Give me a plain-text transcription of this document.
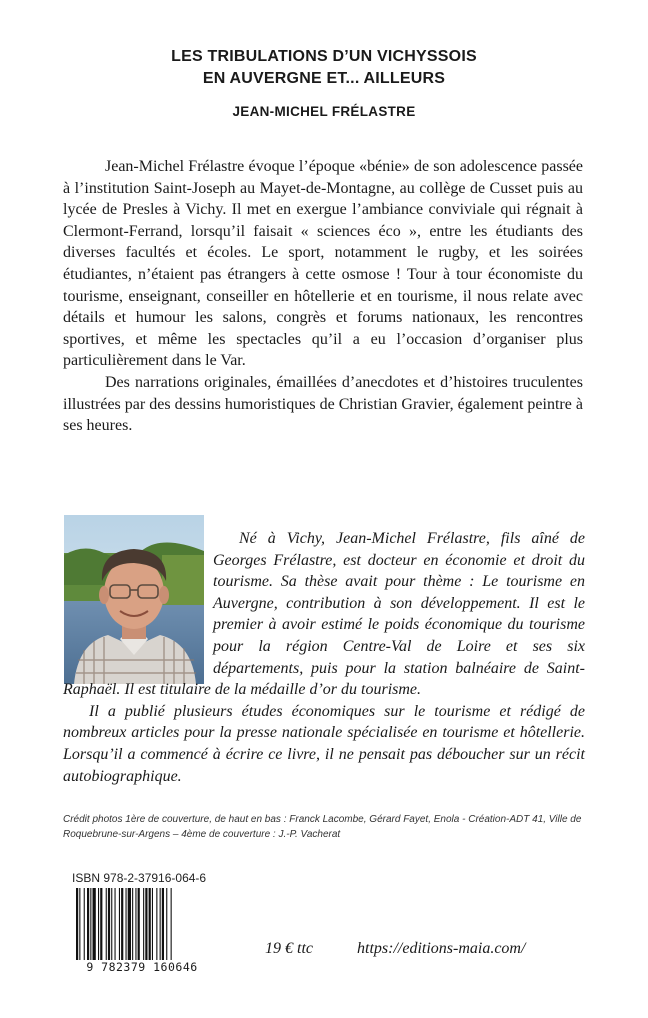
LES TRIBULATIONS D’UN VICHYSSOIS
EN AUVERGNE ET... AILLEURS
JEAN-MICHEL FRÉLASTRE

Jean-Michel Frélastre évoque l’époque «bénie» de son adolescence passée à l’institution Saint-Joseph au Mayet-de-Montagne, au collège de Cusset puis au lycée de Presles à Vichy. Il met en exergue l’ambiance conviviale qui régnait à Clermont-Ferrand, lorsqu’il faisait « sciences éco », entre les étudiants des diverses facultés et écoles. Le sport, notamment le rugby, et les soirées étudiantes, n’étaient pas étrangers à cette osmose ! Tour à tour économiste du tourisme, enseignant, conseiller en hôtellerie et en tourisme, il nous relate avec détails et humour les salons, congrès et forums nationaux, les rencontres sportives, et même les spectacles qu’il a eu l’occasion d’organiser plus particulièrement dans le Var.

Des narrations originales, émaillées d’anecdotes et d’histoires truculentes illustrées par des dessins humoristiques de Christian Gravier, également peintre à ses heures.

Né à Vichy, Jean-Michel Frélastre, fils aîné de Georges Frélastre, est docteur en économie et droit du tourisme. Sa thèse avait pour thème : Le tourisme en Auvergne, contribution à son développement. Il est le premier à avoir estimé le poids économique du tourisme pour la région Centre-Val de Loire et ses six départements, puis pour la station balnéaire de Saint-Raphaël. Il est titulaire de la médaille d’or du tourisme.

Il a publié plusieurs études économiques sur le tourisme et rédigé de nombreux articles pour la presse nationale spécialisée en tourisme et hôtellerie. Lorsqu’il a commencé à écrire ce livre, il ne pensait pas déboucher sur un récit autobiographique.

Crédit photos 1ère de couverture, de haut en bas : Franck Lacombe, Gérard Fayet, Enola - Création-ADT 41, Ville de Roquebrune-sur-Argens – 4ème de couverture : J.-P. Vacherat
ISBN 978-2-37916-064-6
9 782379 160646
19 € ttc	https://editions-maia.com/
